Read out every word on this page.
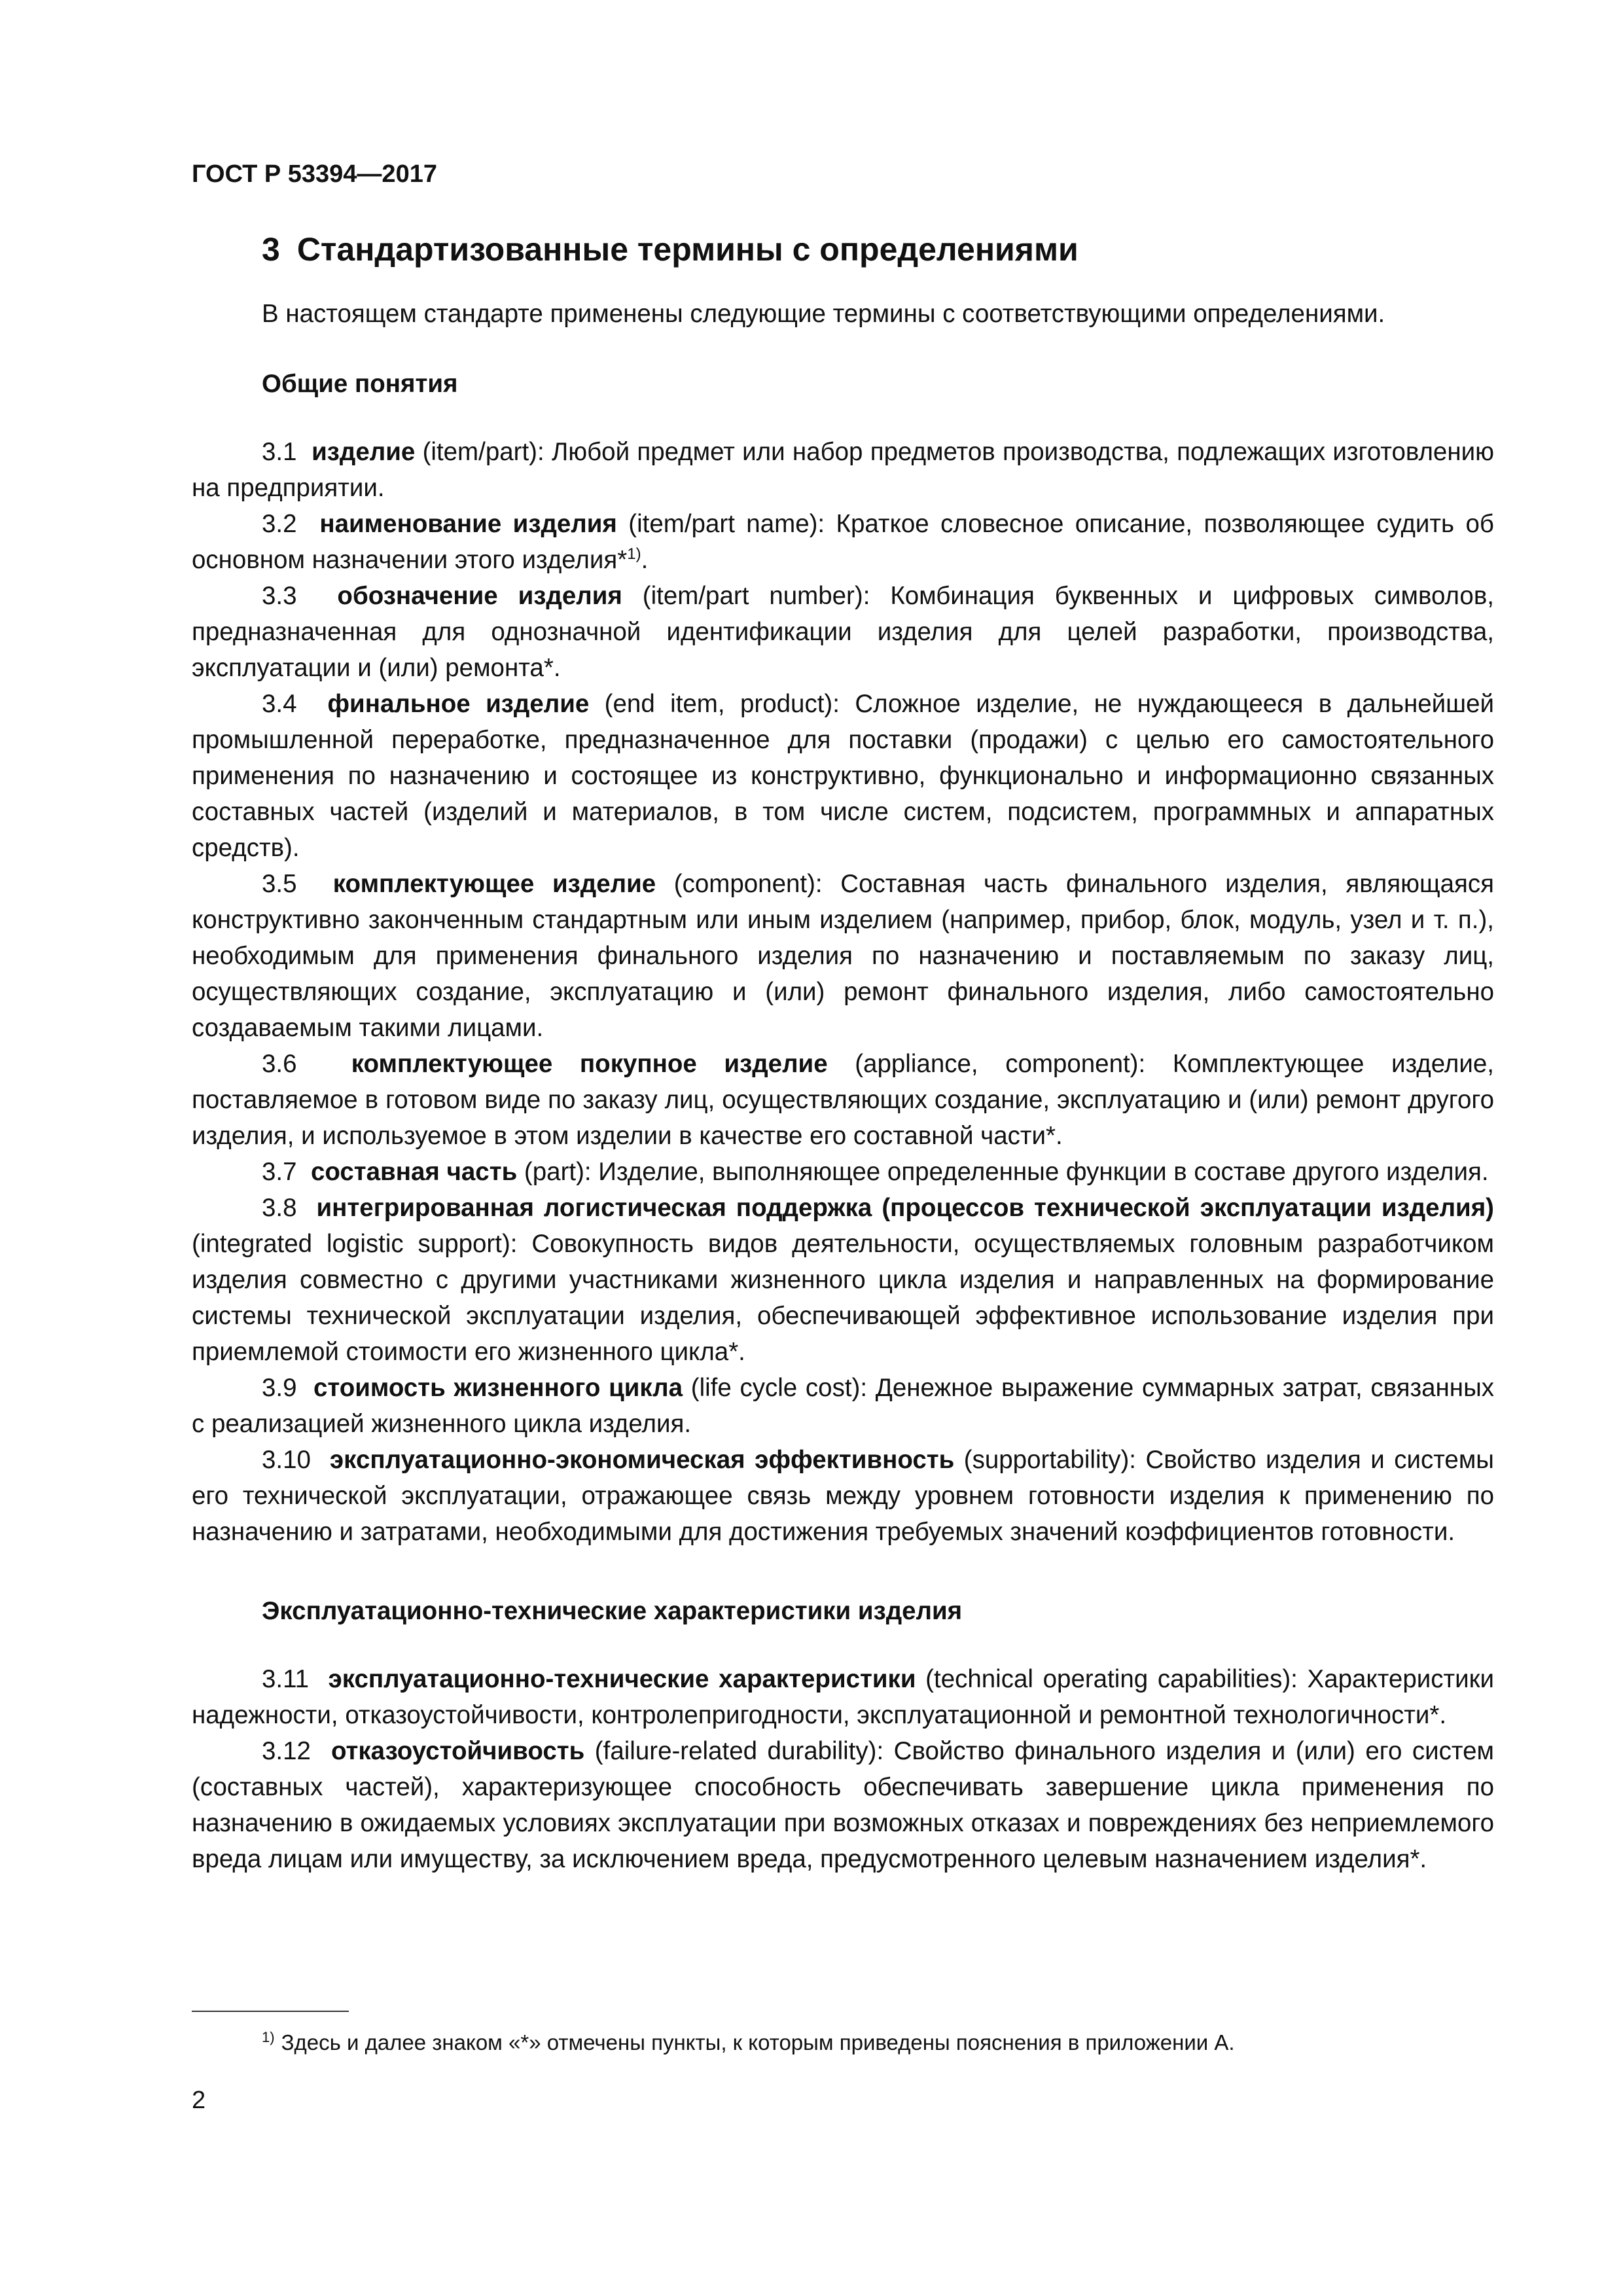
ГОСТ Р 53394—2017
3 Стандартизованные термины с определениями
В настоящем стандарте применены следующие термины с соответствующими определениями.
Общие понятия

3.1 изделие (item/part): Любой предмет или набор предметов производства, подлежащих изготовлению на предприятии.

3.2 наименование изделия (item/part name): Краткое словесное описание, позволяющее судить об основном назначении этого изделия*$^{1)}$.

3.3 обозначение изделия (item/part number): Комбинация буквенных и цифровых символов, предназначенная для однозначной идентификации изделия для целей разработки, производства, эксплуатации и (или) ремонта*.

3.4 финальное изделие (end item, product): Сложное изделие, не нуждающееся в дальнейшей промышленной переработке, предназначенное для поставки (продажи) с целью его самостоятельного применения по назначению и состоящее из конструктивно, функционально и информационно связанных составных частей (изделий и материалов, в том числе систем, подсистем, программных и аппаратных средств).

3.5 комплектующее изделие (component): Составная часть финального изделия, являющаяся конструктивно законченным стандартным или иным изделием (например, прибор, блок, модуль, узел и т. п.), необходимым для применения финального изделия по назначению и поставляемым по заказу лиц, осуществляющих создание, эксплуатацию и (или) ремонт финального изделия, либо самостоятельно создаваемым такими лицами.

3.6 комплектующее покупное изделие (appliance, component): Комплектующее изделие, поставляемое в готовом виде по заказу лиц, осуществляющих создание, эксплуатацию и (или) ремонт другого изделия, и используемое в этом изделии в качестве его составной части*.

3.7 составная часть (part): Изделие, выполняющее определенные функции в составе другого изделия.

3.8 интегрированная логистическая поддержка (процессов технической эксплуатации изделия) (integrated logistic support): Совокупность видов деятельности, осуществляемых головным разработчиком изделия совместно с другими участниками жизненного цикла изделия и направленных на формирование системы технической эксплуатации изделия, обеспечивающей эффективное использование изделия при приемлемой стоимости его жизненного цикла*.

3.9 стоимость жизненного цикла (life cycle cost): Денежное выражение суммарных затрат, связанных с реализацией жизненного цикла изделия.

3.10 эксплуатационно-экономическая эффективность (supportability): Свойство изделия и системы его технической эксплуатации, отражающее связь между уровнем готовности изделия к применению по назначению и затратами, необходимыми для достижения требуемых значений коэффициентов готовности.

Эксплуатационно-технические характеристики изделия

3.11 эксплуатационно-технические характеристики (technical operating capabilities): Характеристики надежности, отказоустойчивости, контролепригодности, эксплуатационной и ремонтной технологичности*.

3.12 отказоустойчивость (failure-related durability): Свойство финального изделия и (или) его систем (составных частей), характеризующее способность обеспечивать завершение цикла применения по назначению в ожидаемых условиях эксплуатации при возможных отказах и повреждениях без неприемлемого вреда лицам или имуществу, за исключением вреда, предусмотренного целевым назначением изделия*.

$^{1)}$ Здесь и далее знаком «*» отмечены пункты, к которым приведены пояснения в приложении А.
2
